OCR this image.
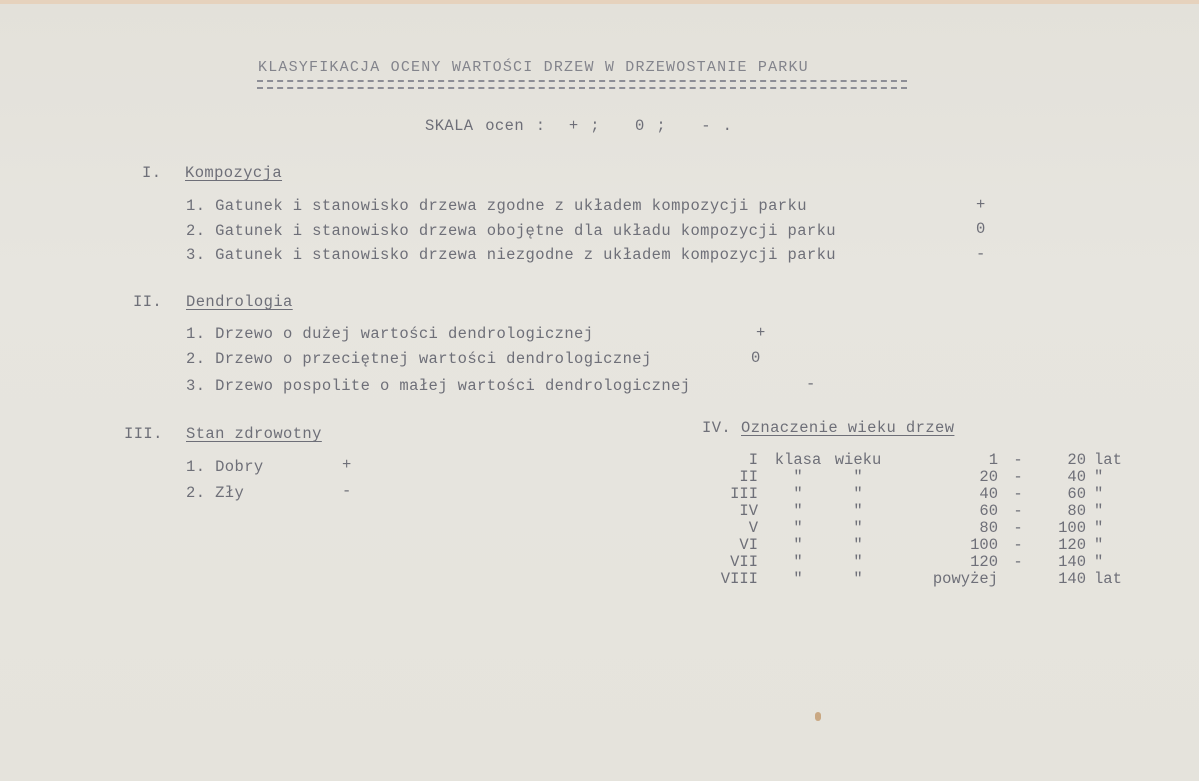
KLASYFIKACJA OCENY WARTOŚCI DRZEW W DRZEWOSTANIE PARKU
SKALA ocen :  + ;   0 ;   - .
I. Kompozycja
1. Gatunek i stanowisko drzewa zgodne z układem kompozycji parku	+
2. Gatunek i stanowisko drzewa obojętne dla układu kompozycji parku	0
3. Gatunek i stanowisko drzewa niezgodne z układem kompozycji parku	-
II. Dendrologia
1. Drzewo o dużej wartości dendrologicznej	+
2. Drzewo o przeciętnej wartości dendrologicznej	0
3. Drzewo pospolite o małej wartości dendrologicznej	-
III. Stan zdrowotny
1. Dobry	+
2. Zły	-
IV. Oznaczenie wieku drzew
I	klasa	wieku	1	-	20	lat
II	"	"	20	-	40	"
III	"	"	40	-	60	"
IV	"	"	60	-	80	"
V	"	"	80	-	100	"
VI	"	"	100	-	120	"
VII	"	"	120	-	140	"
VIII	"	"	powyżej		140	lat
